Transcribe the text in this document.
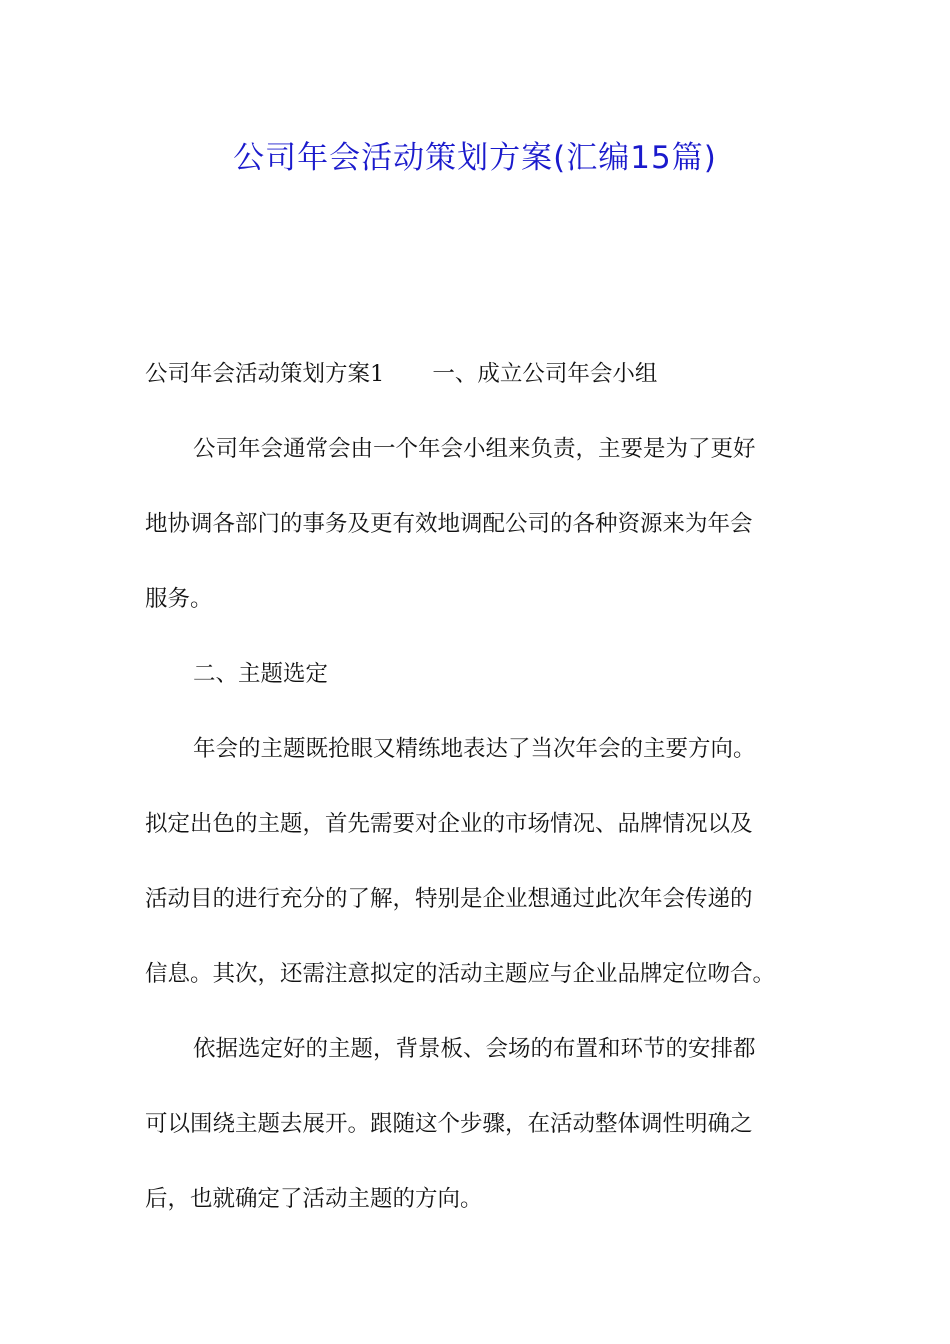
公司年会活动策划方案(汇编15篇)

公司年会活动策划方案1 一、成立公司年会小组

公司年会通常会由一个年会小组来负责，主要是为了更好

地协调各部门的事务及更有效地调配公司的各种资源来为年会

服务。

二、主题选定

年会的主题既抢眼又精练地表达了当次年会的主要方向。

拟定出色的主题，首先需要对企业的市场情况、品牌情况以及

活动目的进行充分的了解，特别是企业想通过此次年会传递的

信息。其次，还需注意拟定的活动主题应与企业品牌定位吻合。

依据选定好的主题，背景板、会场的布置和环节的安排都

可以围绕主题去展开。跟随这个步骤，在活动整体调性明确之

后，也就确定了活动主题的方向。
